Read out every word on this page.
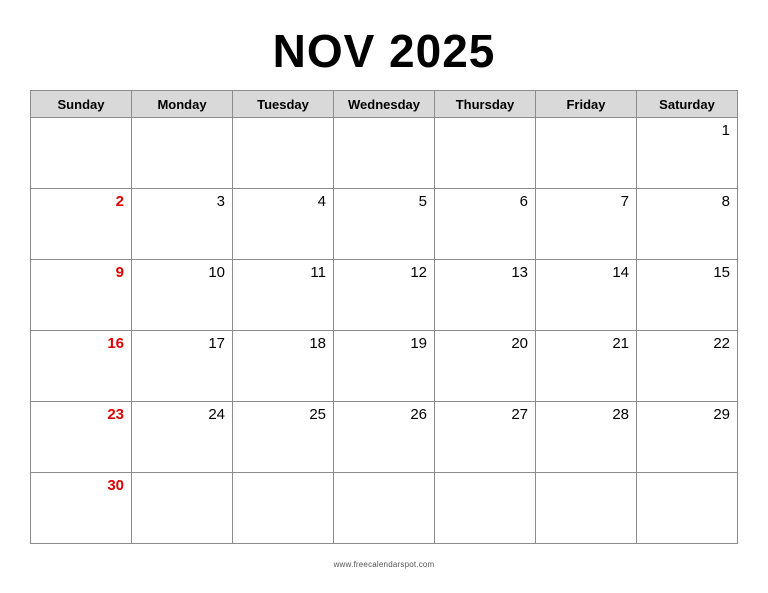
NOV 2025
Sunday	Monday	Tuesday	Wednesday	Thursday	Friday	Saturday
						1
2	3	4	5	6	7	8
9	10	11	12	13	14	15
16	17	18	19	20	21	22
23	24	25	26	27	28	29
30						
www.freecalendarspot.com
